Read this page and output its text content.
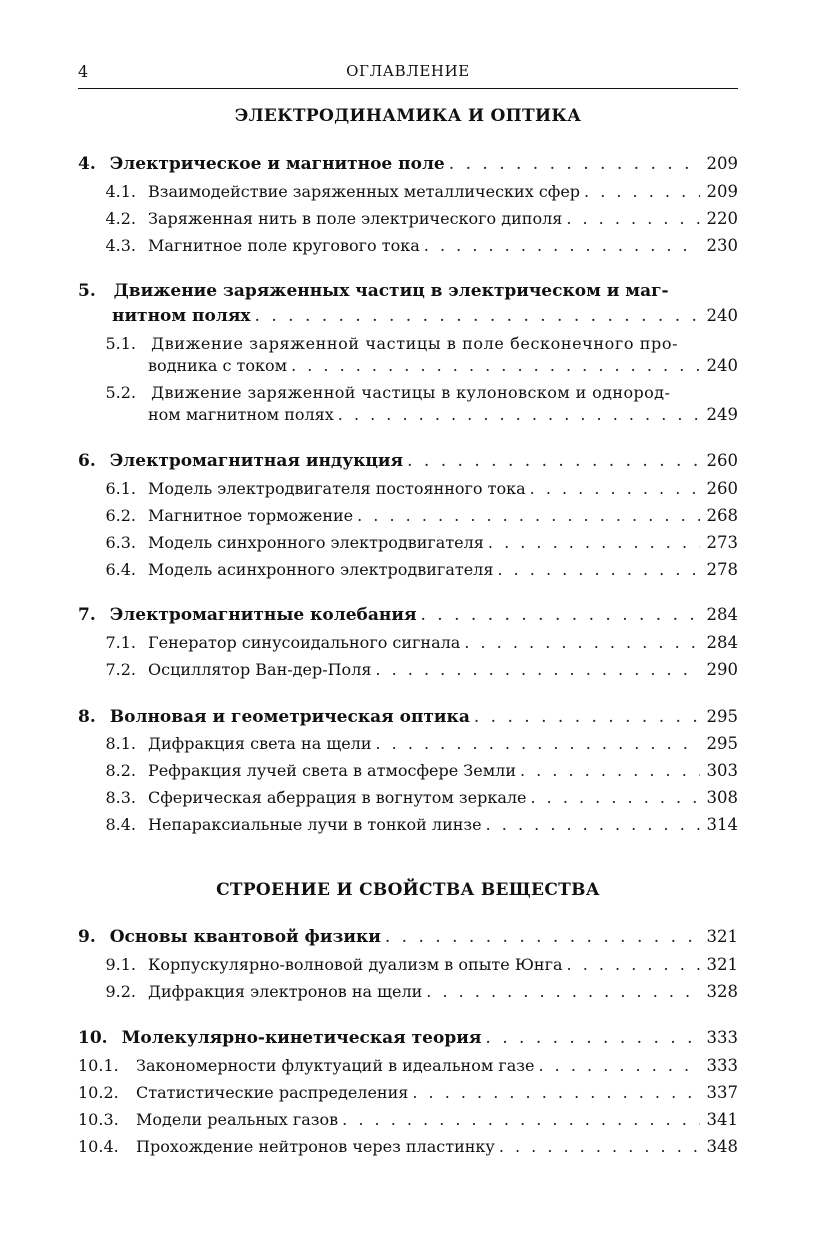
4	ОГЛАВЛЕНИЕ
ЭЛЕКТРОДИНАМИКА И ОПТИКА
4. Электрическое и магнитное поле . . .	209
4.1. Взаимодействие заряженных металлических сфер . . .	209
4.2. Заряженная нить в поле электрического диполя . . .	220
4.3. Магнитное поле кругового тока . . .	230
5. Движение заряженных частиц в электрическом и маг-
нитном полях . . .	240
5.1. Движение заряженной частицы в поле бесконечного про-
водника с током . . .	240
5.2. Движение заряженной частицы в кулоновском и однород-
ном магнитном полях . . .	249
6. Электромагнитная индукция . . .	260
6.1. Модель электродвигателя постоянного тока . . .	260
6.2. Магнитное торможение . . .	268
6.3. Модель синхронного электродвигателя . . .	273
6.4. Модель асинхронного электродвигателя . . .	278
7. Электромагнитные колебания . . .	284
7.1. Генератор синусоидального сигнала . . .	284
7.2. Осциллятор Ван-дер-Поля . . .	290
8. Волновая и геометрическая оптика . . .	295
8.1. Дифракция света на щели . . .	295
8.2. Рефракция лучей света в атмосфере Земли . . .	303
8.3. Сферическая аберрация в вогнутом зеркале . . .	308
8.4. Непараксиальные лучи в тонкой линзе . . .	314
СТРОЕНИЕ И СВОЙСТВА ВЕЩЕСТВА
9. Основы квантовой физики . . .	321
9.1. Корпускулярно-волновой дуализм в опыте Юнга . . .	321
9.2. Дифракция электронов на щели . . .	328
10. Молекулярно-кинетическая теория . . .	333
10.1.	Закономерности флуктуаций в идеальном газе . . .	333
10.2.	Статистические распределения . . .	337
10.3.	Модели реальных газов . . .	341
10.4.	Прохождение нейтронов через пластинку . . .	348
